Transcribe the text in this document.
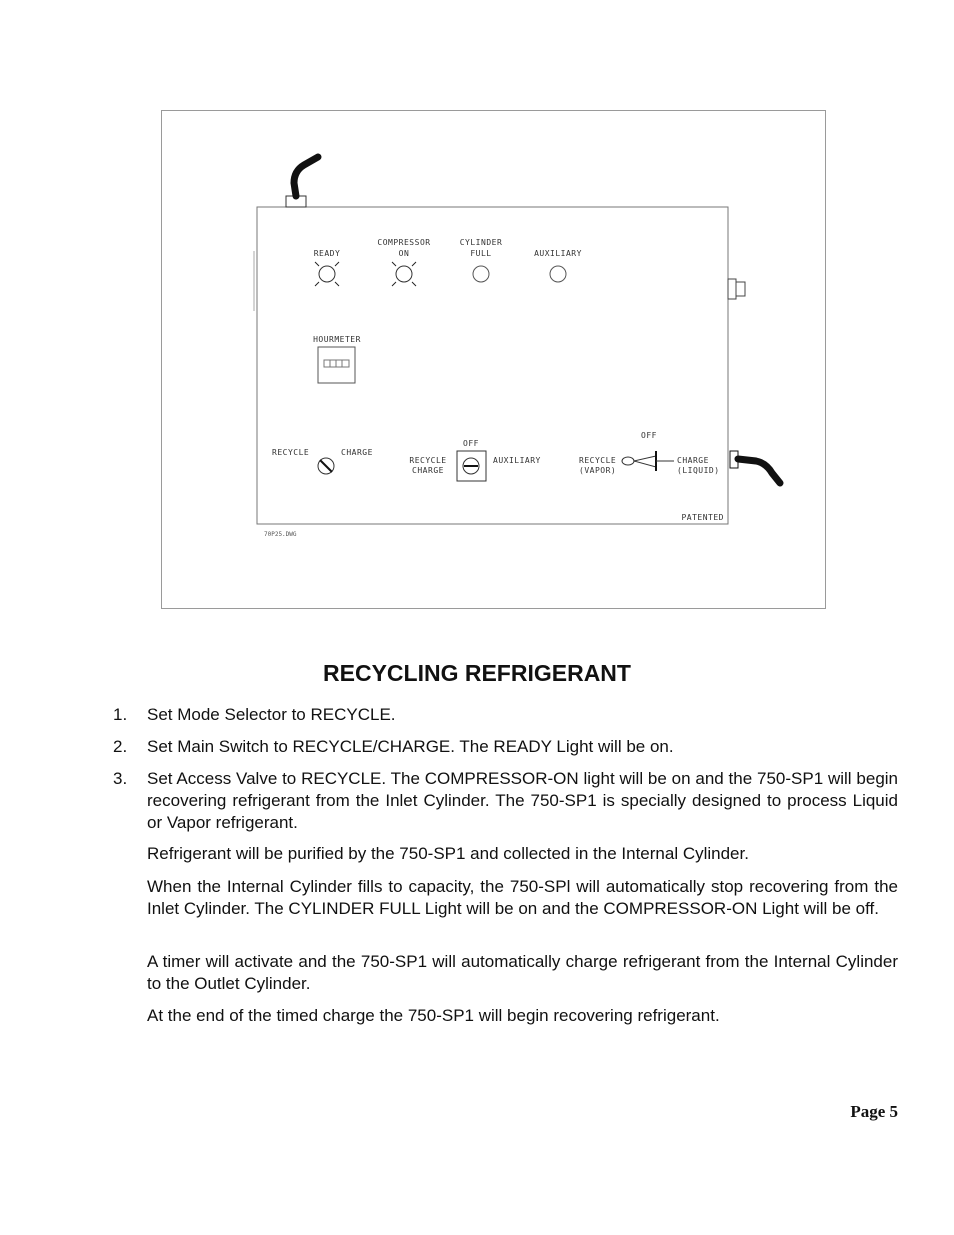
READY
COMPRESSOR
ON
CYLINDER
FULL	AUXILIARY
HOURMETER
RECYCLE	CHARGE
OFF
RECYCLE
CHARGE
AUXILIARY
OFF
RECYCLE
(VAPOR)
CHARGE
(LIQUID)
PATENTED
70P25.DWG
RECYCLING REFRIGERANT
1. Set Mode Selector to RECYCLE.

2. Set Main Switch to RECYCLE/CHARGE. The READY Light will be on.

3. Set Access Valve to RECYCLE. The COMPRESSOR-ON light will be on and the 750-SP1 will begin recovering refrigerant from the Inlet Cylinder. The 750-SP1 is specially designed to process Liquid or Vapor refrigerant.

Refrigerant will be purified by the 750-SP1 and collected in the Internal Cylinder.

When the Internal Cylinder fills to capacity, the 750-SPl will automatically stop recovering from the Inlet Cylinder. The CYLINDER FULL Light will be on and the COMPRESSOR-ON Light will be off.

A timer will activate and the 750-SP1 will automatically charge refrigerant from the Internal Cylinder to the Outlet Cylinder.

At the end of the timed charge the 750-SP1 will begin recovering refrigerant.

Page 5
